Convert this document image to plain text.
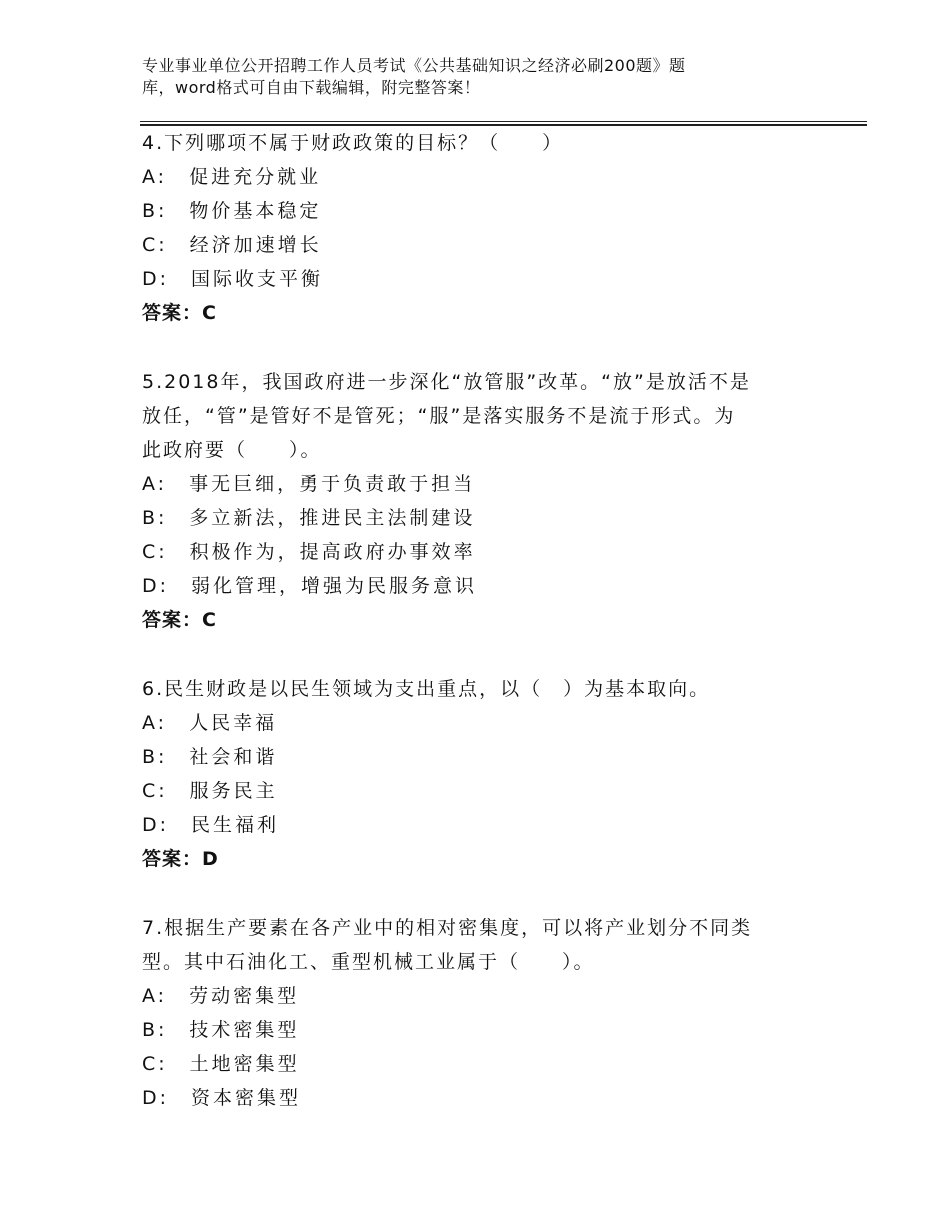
专业事业单位公开招聘工作人员考试《公共基础知识之经济必刷200题》题
库，word格式可自由下载编辑，附完整答案！
4.下列哪项不属于财政政策的目标？（　　）
A:　促进充分就业
B:　物价基本稳定
C:　经济加速增长
D:　国际收支平衡
答案：C
5.2018年，我国政府进一步深化“放管服”改革。“放”是放活不是
放任，“管”是管好不是管死；“服”是落实服务不是流于形式。为
此政府要（　　）。
A:　事无巨细，勇于负责敢于担当
B:　多立新法，推进民主法制建设
C:　积极作为，提高政府办事效率
D:　弱化管理，增强为民服务意识
答案：C
6.民生财政是以民生领域为支出重点，以（　）为基本取向。
A:　人民幸福
B:　社会和谐
C:　服务民主
D:　民生福利
答案：D
7.根据生产要素在各产业中的相对密集度，可以将产业划分不同类
型。其中石油化工、重型机械工业属于（　　）。
A:　劳动密集型
B:　技术密集型
C:　土地密集型
D:　资本密集型
